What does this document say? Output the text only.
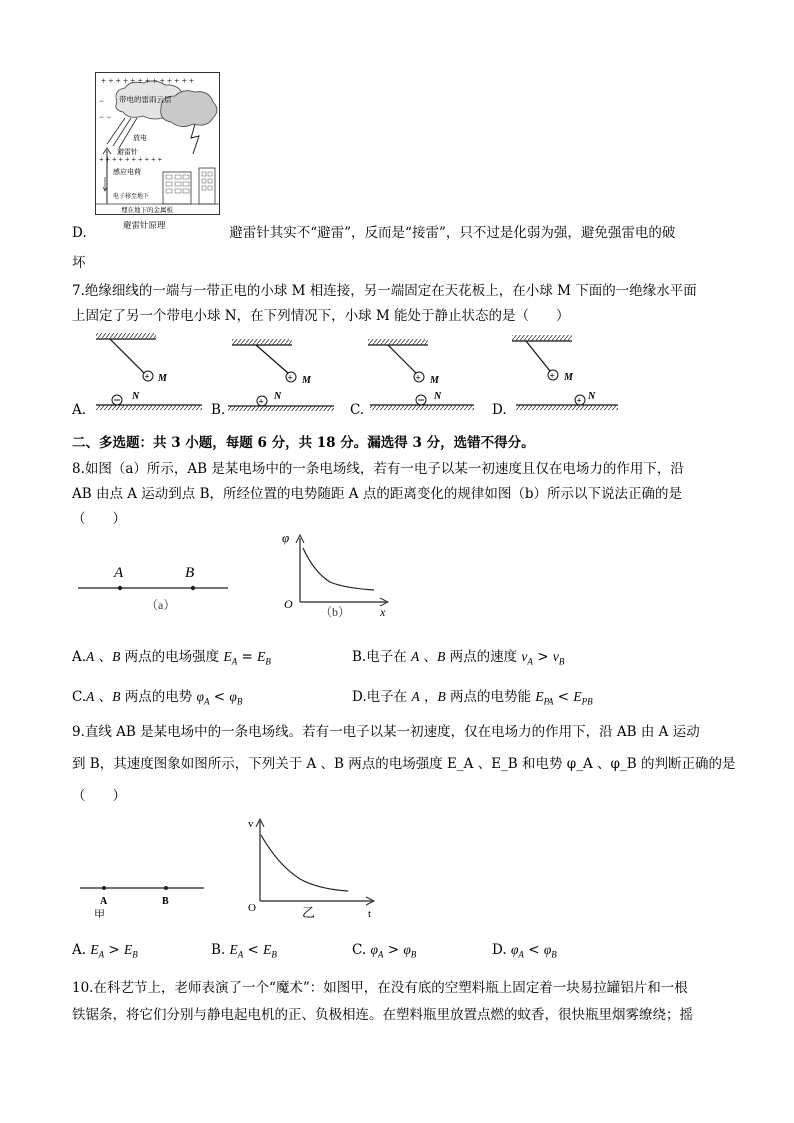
带电的雷雨云层
+ + + + + + + + + + + + +
−
− −
放电
避雷针
+ + + + + + + + + +
感应电荷
电子移至地下
埋在地下的金属板
避雷针原理
D.	避雷针其实不“避雷”，反而是“接雷”，只不过是化弱为强，避免强雷电的破
坏
7.绝缘细线的一端与一带正电的小球 M 相连接，另一端固定在天花板上，在小球 M 下面的一绝缘水平面
上固定了另一个带电小球 N，在下列情况下，小球 M 能处于静止状态的是（　　）
+ M
N
+ M
+ N
+ M
N
+ M
+ N
A.	B.	C.	D.
二、多选题：共 3 小题，每题 6 分，共 18 分。漏选得 3 分，选错不得分。
8.如图（a）所示，AB 是某电场中的一条电场线，若有一电子以某一初速度且仅在电场力的作用下，沿
AB 由点 A 运动到点 B，所经位置的电势随距 A 点的距离变化的规律如图（b）所示以下说法正确的是
（　　）
A	B
（a）
φ
O
x
（b）
A.A 、B 两点的电场强度 $E_A = E_B$	B.电子在 A 、B 两点的速度 $v_A > v_B$
C.A 、B 两点的电势 $\varphi_A < \varphi_B$	D.电子在 A ，B 两点的电势能 $E_{PA} < E_{PB}$
9.直线 AB 是某电场中的一条电场线。若有一电子以某一初速度，仅在电场力的作用下，沿 AB 由 A 运动
到 B，其速度图象如图所示，下列关于 A 、B 两点的电场强度 E_A 、E_B 和电势 φ_A 、φ_B 的判断正确的是
（　　）
A	B
甲
v
O	t
乙
A. $E_A > E_B$	B. $E_A < E_B$	C. $\varphi_A > \varphi_B$	D. $\varphi_A < \varphi_B$
10.在科艺节上，老师表演了一个“魔术”：如图甲，在没有底的空塑料瓶上固定着一块易拉罐铝片和一根
铁锯条，将它们分别与静电起电机的正、负极相连。在塑料瓶里放置点燃的蚊香，很快瓶里烟雾缭绕；摇
